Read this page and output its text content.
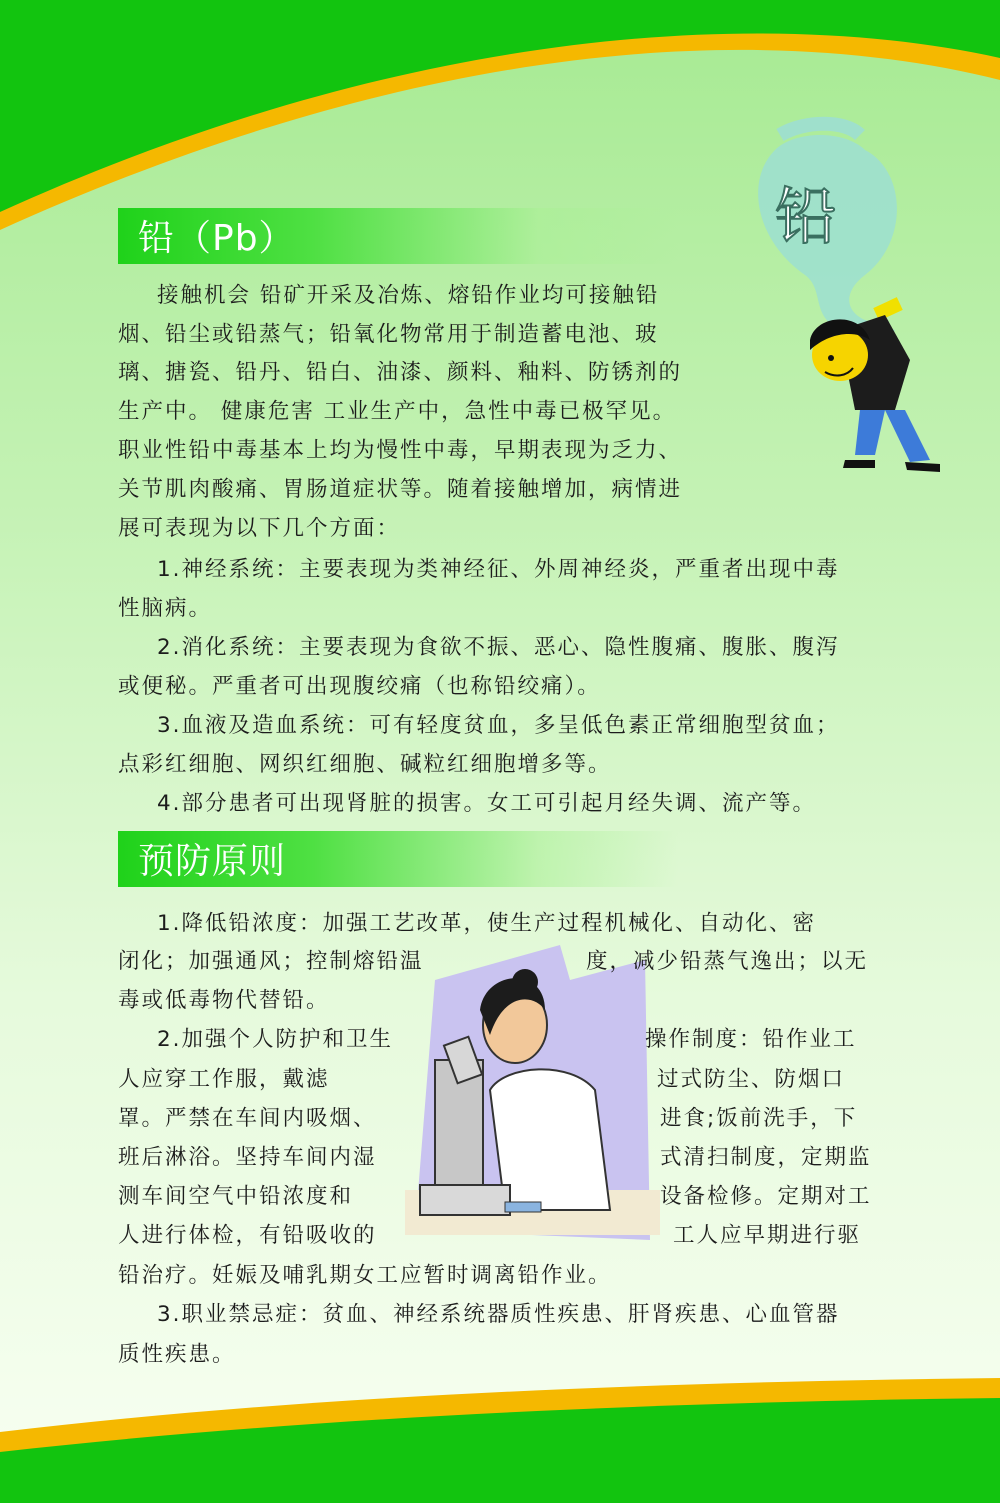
铅（Pb）	铅
接触机会 铅矿开采及冶炼、熔铅作业均可接触铅
烟、铅尘或铅蒸气；铅氧化物常用于制造蓄电池、玻
璃、搪瓷、铅丹、铅白、油漆、颜料、釉料、防锈剂的
生产中。 健康危害 工业生产中，急性中毒已极罕见。
职业性铅中毒基本上均为慢性中毒，早期表现为乏力、
关节肌肉酸痛、胃肠道症状等。随着接触增加，病情进
展可表现为以下几个方面：
1.神经系统：主要表现为类神经征、外周神经炎，严重者出现中毒
性脑病。
2.消化系统：主要表现为食欲不振、恶心、隐性腹痛、腹胀、腹泻
或便秘。严重者可出现腹绞痛（也称铅绞痛）。
3.血液及造血系统：可有轻度贫血，多呈低色素正常细胞型贫血；
点彩红细胞、网织红细胞、碱粒红细胞增多等。
4.部分患者可出现肾脏的损害。女工可引起月经失调、流产等。
预防原则
1.降低铅浓度：加强工艺改革，使生产过程机械化、自动化、密
闭化；加强通风；控制熔铅温	度，减少铅蒸气逸出；以无
毒或低毒物代替铅。
2.加强个人防护和卫生	操作制度：铅作业工
人应穿工作服，戴滤	过式防尘、防烟口
罩。严禁在车间内吸烟、	进食;饭前洗手，下
班后淋浴。坚持车间内湿	式清扫制度，定期监
测车间空气中铅浓度和	设备检修。定期对工
人进行体检，有铅吸收的	工人应早期进行驱
铅治疗。妊娠及哺乳期女工应暂时调离铅作业。
3.职业禁忌症：贫血、神经系统器质性疾患、肝肾疾患、心血管器
质性疾患。
